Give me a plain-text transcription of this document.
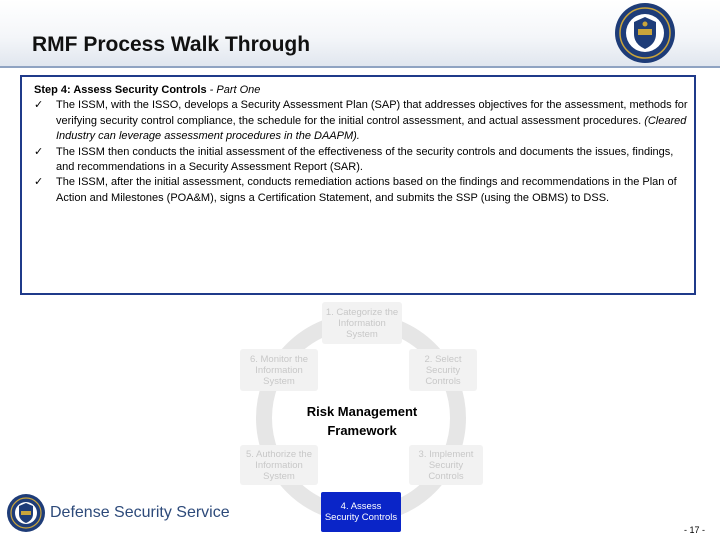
RMF Process Walk Through
Step 4: Assess Security Controls - Part One
✓ The ISSM, with the ISSO, develops a Security Assessment Plan (SAP) that addresses objectives for the assessment, methods for verifying security control compliance, the schedule for the initial control assessment, and actual assessment procedures. (Cleared Industry can leverage assessment procedures in the DAAPM).
✓ The ISSM then conducts the initial assessment of the effectiveness of the security controls and documents the issues, findings, and recommendations in a Security Assessment Report (SAR).
✓ The ISSM, after the initial assessment, conducts remediation actions based on the findings and recommendations in the Plan of Action and Milestones (POA&M), signs a Certification Statement, and submits the SSP (using the OBMS) to DSS.
1. Categorize the Information System
2. Select Security Controls
3. Implement Security Controls
4. Assess Security Controls
5. Authorize the Information System
6. Monitor the Information System
Risk Management Framework
Defense Security Service
- 17 -
